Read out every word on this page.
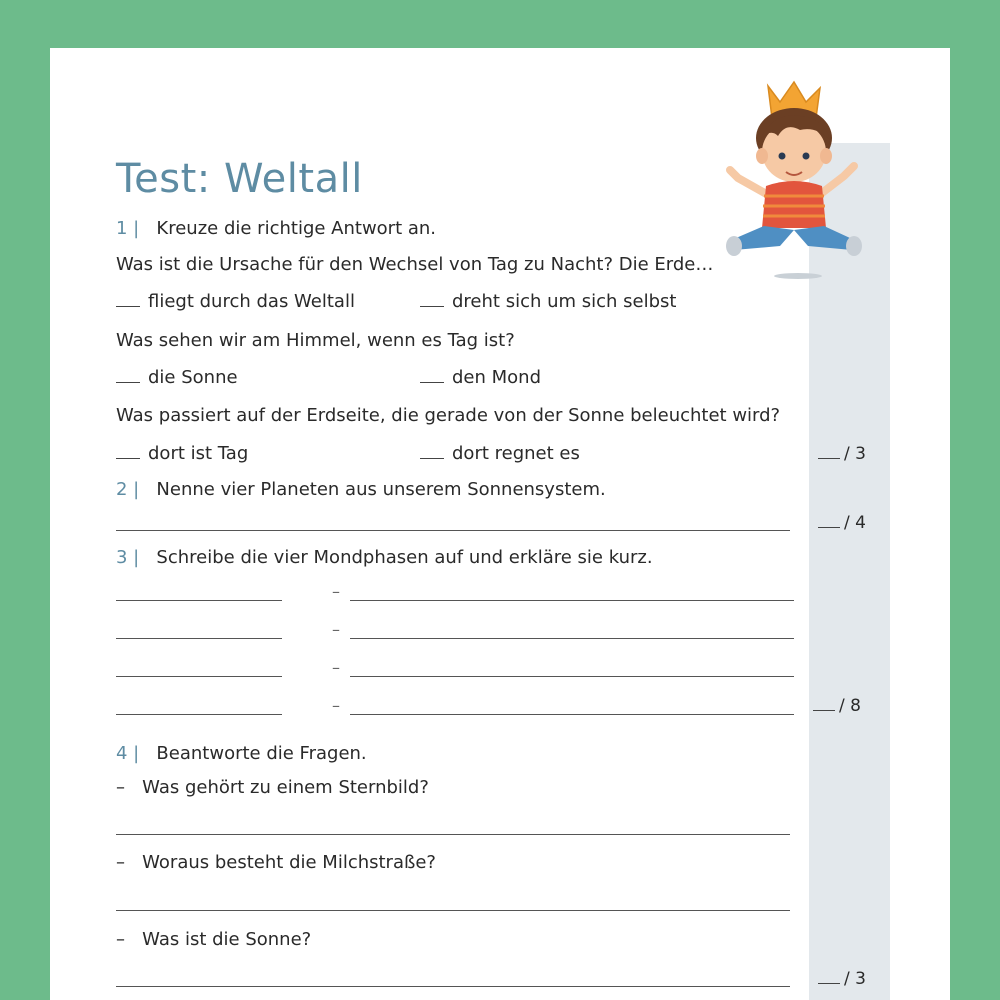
Test: Weltall
1 | Kreuze die richtige Antwort an.
Was ist die Ursache für den Wechsel von Tag zu Nacht? Die Erde…
fliegt durch das Weltall	dreht sich um sich selbst
Was sehen wir am Himmel, wenn es Tag ist?
die Sonne	den Mond
Was passiert auf der Erdseite, die gerade von der Sonne beleuchtet wird?
dort ist Tag	dort regnet es	/ 3
2 | Nenne vier Planeten aus unserem Sonnensystem.
/ 4
3 | Schreibe die vier Mondphasen auf und erkläre sie kurz.
–
–
–
–	/ 8
4 | Beantworte die Fragen.
– Was gehört zu einem Sternbild?
– Woraus besteht die Milchstraße?
– Was ist die Sonne?
/ 3
